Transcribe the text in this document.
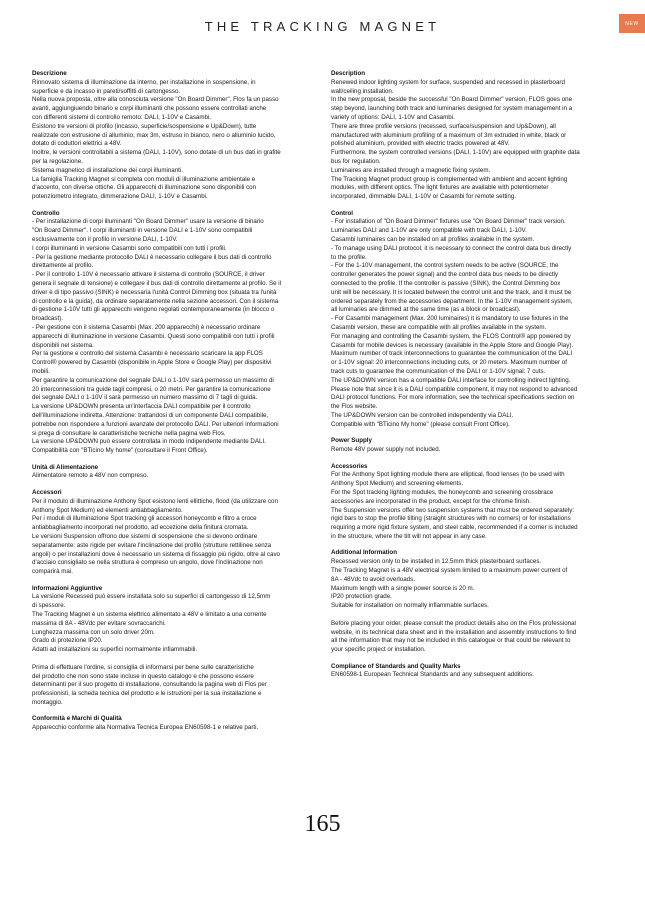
THE TRACKING MAGNET	NEW
Descrizione
Rinnovato sistema di illuminazione da interno, per installazione in sospensione, in
superficie e da incasso in pareti/soffitti di cartongesso.
Nella nuova proposta, oltre alla conosciuta versione "On Board Dimmer", Flos fa un passo
avanti, aggiungiuendo binario e corpi illuminanti che possono essere controllati anche
con differenti sistemi di controllo remoto: DALI, 1-10V e Casambi.
Esistono tre versioni di profilo (incasso, superficie/sospensione e Up&Down), tutte
realizzate con estrusione di alluminio, max 3m, estruso in bianco, nero o alluminio lucido,
dotato di coduttori elettrici a 48V.
Inoltre, le versioni controllabili a sistema (DALI, 1-10V), sono dotate di un bus dati in grafite
per la regolazione.
Sistema magnetico di installazione dei corpi illuminanti.
La famiglia Tracking Magnet si completa con moduli di illuminazione ambientale e
d'accento, con diverse ottiche. Gli apparecchi di illuminazione sono disponibili con
potenziometro integrato, dimmerazione DALI, 1-10V e Casambi.
Controllo
- Per installazione di corpi illuminanti "On Board Dimmer" usare la versione di binario
"On Board Dimmer". I corpi illuminanti in versione DALI e 1-10V sono compatibili
esclusivamente con il profilo in versione DALI, 1-10V.
I corpi illuminanti in versione Casambi sono compatibili con tutti i profili.
- Per la gestione mediante protocollo DALI è necessario collegare il bus dati di controllo
direttamente al profilo.
- Per il controllo 1-10V è necessario attivare il sistema di controllo (SOURCE, il driver
genera il segnale di tensione) e collegare il bus dati di controllo direttamente al profilo. Se il
driver è di tipo passivo (SINK) è necessaria l'unità Control Dimming box (situata tra l'unità
di controllo e la guida), da ordinare separatamente nella sezione accessori. Con il sistema
di gestione 1-10V tutti gli apparecchi vengono regolati contemporaneamente (in blocco o
broadcast).
- Per gestione con il sistema Casambi (Max. 200 apparecchi) è necessario ordinare
apparecchi di illuminazione in versione Casambi. Questi sono compatibili con tutti i profili
disponibili nel sistema.
Per la gestione e controllo del sistema Casambi è necessario scaricare la app FLOS
Control® powered by Casambi (disponibile in Apple Store e Google Play) per dispositivi
mobili.
Per garantire la comunicazione del segnale DALI o 1-10V sarà permesso un massimo di
20 interconnessioni tra guide tagli compresi, o 20 metri. Per garantire la comunicazione
dei segnale DALI o 1-10V il sarà permesso un numero massimo di 7 tagli di guida.
La versione UP&DOWN presenta un'interfaccia DALI compatibile per il controllo
dell'illuminazione indiretta. Attenzione: trattandosi di un componente DALI compatibile,
potrebbe non rispondere a funzioni avanzate del protocollo DALI. Per ulteriori informazioni
si prega di consultare le caratteristiche tecniche nella pagina web Flos.
La versione UP&DOWN può essere controllata in modo indipendente mediante DALI.
Compatibilità con "BTicino My home" (consultare il Front Office).
Unità di Alimentazione
Alimentatore remoto a 48V non compreso.
Accessori
Per il modulo di illuminazione Anthony Spot esistono lenti ellittiche, flood (da utilizzare con
Anthony Spot Medium) ed elementi antiabbagliamento.
Per i moduli di illuminazione Spot tracking gli accessori honeycomb e filtro a croce
antiabbagliamento incorporati nel prodotto, ad eccezione della finitura cromata.
Le versioni Suspension offrono due sistemi di sospensione che si devono ordinare
separatamente: aste rigide per evitare l'inclinazione del profilo (strutture rettilinee senza
angoli) o per installazioni dove è necessario un sistema di fissaggio più rigido, oltre al cavo
d'acciaio consigliato se nella struttura è compreso un angolo, dove l'inclinazione non
comparirà mai.
Informazioni Aggiuntive
La versione Recessed può essere installata solo su superfici di cartongesso di 12,5mm
di spessore.
The Tracking Magnet è un sistema elettrico alimentato a 48V e limitato a una corrente
massima di 8A - 48Vdc per evitare sovraccarichi.
Lunghezza massima con un solo driver 20m.
Grado di protezione IP20.
Adatti ad installazioni su superfici normalmente infiammabili.

Prima di effettuare l'ordine, si consiglia di informarsi per bene sulle caratteristiche
del prodotto che non sono state incluse in questo catalogo e che possono essere
determinanti per il suo progetto di installazione, consultando la pagina web di Flos per
professionisti, la scheda tecnica del prodotto e le istruzioni per la sua installazione e
montaggio.
Conformità e Marchi di Qualità
Apparecchio conforme alla Normativa Tecnica Europea EN60598-1 e relative parti.
Description
Renewed indoor lighting system for surface, suspended and recessed in plasterboard
wall/ceiling installation.
In the new proposal, beside the successful "On Board Dimmer" version, FLOS goes one
step beyond, launching both track and luminaries designed for system management in a
variety of options: DALI, 1-10V and Casambi.
There are three profile versions (recessed, surface/suspension and Up&Down), all
manufactured with aluminium profiling of a maximum of 3m extruded in white, black or
polished aluminium, provided with electric tracks powered at 48V.
Furthermore, the system controlled versions (DALI, 1-10V) are equipped with graphite data
bus for regulation.
Luminaires are installed through a magnetic fixing system.
The Tracking Magnet product group is complemented with ambient and accent lighting
modules, with different optics. The light fixtures are available with potentiometer
incorporated, dimmable DALI, 1-10V or Casambi for remote setting.
Control
- For installation of "On Board Dimmer" fixtures use "On Board Dimmer" track version.
Luminaries DALI and 1-10V are only compatible with track DALI, 1-10V.
Casambi luminaires can be installed on all profiles available in the system.
- To manage using DALI protocol, it is necessary to connect the control data bus directly
to the profile.
- For the 1-10V management, the control system needs to be active (SOURCE, the
controller generates the power signal) and the control data bus needs to be directly
connected to the profile. If the controller is passive (SINK), the Control Dimming box
unit will be necessary. It is located between the control unit and the track, and it must be
ordered separately from the accessories department. In the 1-10V management system,
all luminaries are dimmed at the same time (as a block or broadcast).
- For Casambi management (Max. 200 luminaires) it is mandatory to use fixtures in the
Casambi version, these are compatible with all profiles available in the system.
For managing and controlling the Casambi system, the FLOS Control® app powered by
Casambi for mobile devices is necessary (available in the Apple Store and Google Play).
Maximum number of track interconnections to guarantee the communication of the DALI
or 1-10V signal: 20 interconnections including cuts, or 20 meters. Maximum number of
track cuts to guarantee the communication of the DALI or 1-10V signal: 7 cuts.
The UP&DOWN version has a compatible DALI interface for controlling indirect lighting.
Please note that since it is a DALI compatible component, it may not respond to advanced
DALI protocol functions. For more information, see the technical specifications section on
the Flos website.
The UP&DOWN version can be controlled independently via DALI.
Compatible with "BTicino My home" (please consult Front Office).
Power Supply
Remote 48V power supply not included.
Accessories
For the Anthony Spot lighting module there are elliptical, flood lenses (to be used with
Anthony Spot Medium) and screening elements.
For the Spot tracking lighting modules, the honeycomb and screening crossbrace
accessories are incorporated in the product, except for the chrome finish.
The Suspension versions offer two suspension systems that must be ordered separately:
rigid bars to stop the profile tilting (straight structures with no corners) or for installations
requiring a more rigid fixture system, and steel cable, recommended if a corner is included
in the structure, where the tilt will not appear in any case.
Additional Information
Recessed version only to be installed in 12.5mm thick plasterboard surfaces.
The Tracking Magnet is a 48V electrical system limited to a maximum power current of
8A - 48Vdc to avoid overloads.
Maximum length with a single power source is 20 m.
IP20 protection grade.
Suitable for installation on normally inflammable surfaces.

Before placing your order, please consult the product details also on the Flos professional
website, in its technical data sheet and in the installation and assembly instructions to find
all the information that may not be included in this catalogue or that could be relevant to
your specific project or installation.
Compliance of Standards and Quality Marks
EN60598-1 European Technical Standards and any subsequent additions.
165
